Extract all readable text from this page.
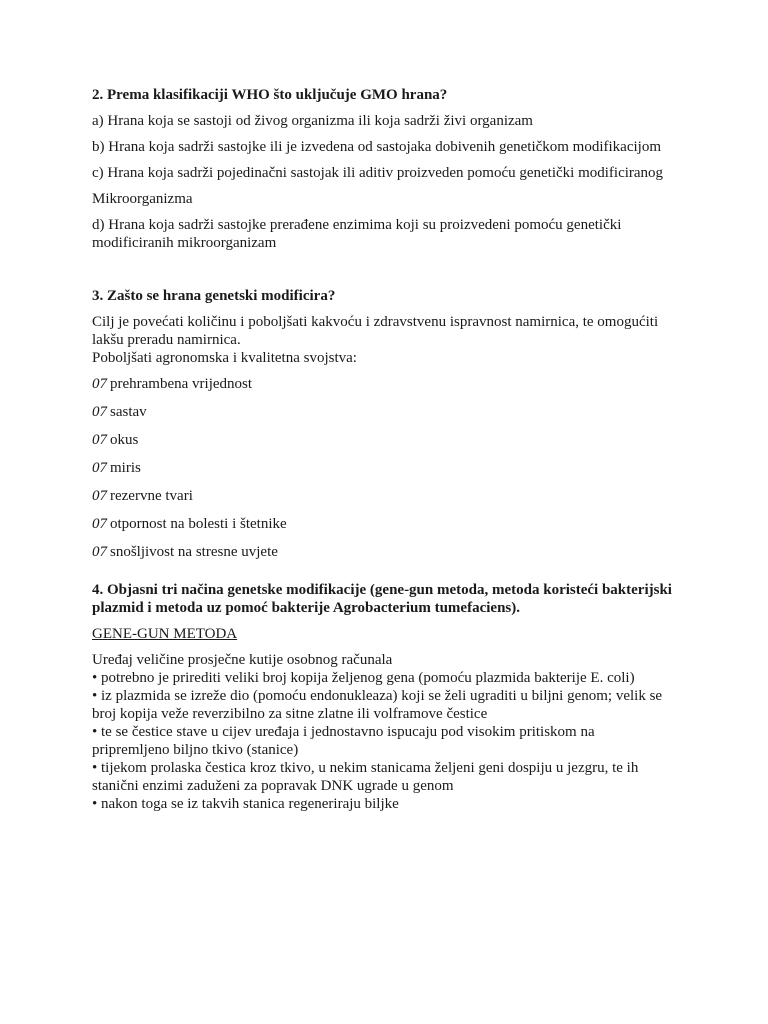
2. Prema klasifikaciji WHO što uključuje GMO hrana?

a) Hrana koja se sastoji od živog organizma ili koja sadrži živi organizam

b) Hrana koja sadrži sastojke ili je izvedena od sastojaka dobivenih genetičkom modifikacijom

c) Hrana koja sadrži pojedinačni sastojak ili aditiv proizveden pomoću genetički modificiranog

Mikroorganizma

d) Hrana koja sadrži sastojke prerađene enzimima koji su proizvedeni pomoću genetički modificiranih mikroorganizam

3. Zašto se hrana genetski modificira?

Cilj je povećati količinu i poboljšati kakvoću i zdravstvenu ispravnost namirnica, te omogućiti lakšu preradu namirnica.

Poboljšati agronomska i kvalitetna svojstva:

07 prehrambena vrijednost

07 sastav

07 okus

07 miris

07 rezervne tvari

07 otpornost na bolesti i štetnike

07 snošljivost na stresne uvjete

4. Objasni tri načina genetske modifikacije (gene-gun metoda, metoda koristeći bakterijski plazmid i metoda uz pomoć bakterije Agrobacterium tumefaciens).

GENE-GUN METODA

Uređaj veličine prosječne kutije osobnog računala

• potrebno je prirediti veliki broj kopija željenog gena (pomoću plazmida bakterije E. coli)

• iz plazmida se izreže dio (pomoću endonukleaza) koji se želi ugraditi u biljni genom; velik se broj kopija veže reverzibilno za sitne zlatne ili volframove čestice

• te se čestice stave u cijev uređaja i jednostavno ispucaju pod visokim pritiskom na pripremljeno biljno tkivo (stanice)

• tijekom prolaska čestica kroz tkivo, u nekim stanicama željeni geni dospiju u jezgru, te ih stanični enzimi zaduženi za popravak DNK ugrade u genom

• nakon toga se iz takvih stanica regeneriraju biljke
